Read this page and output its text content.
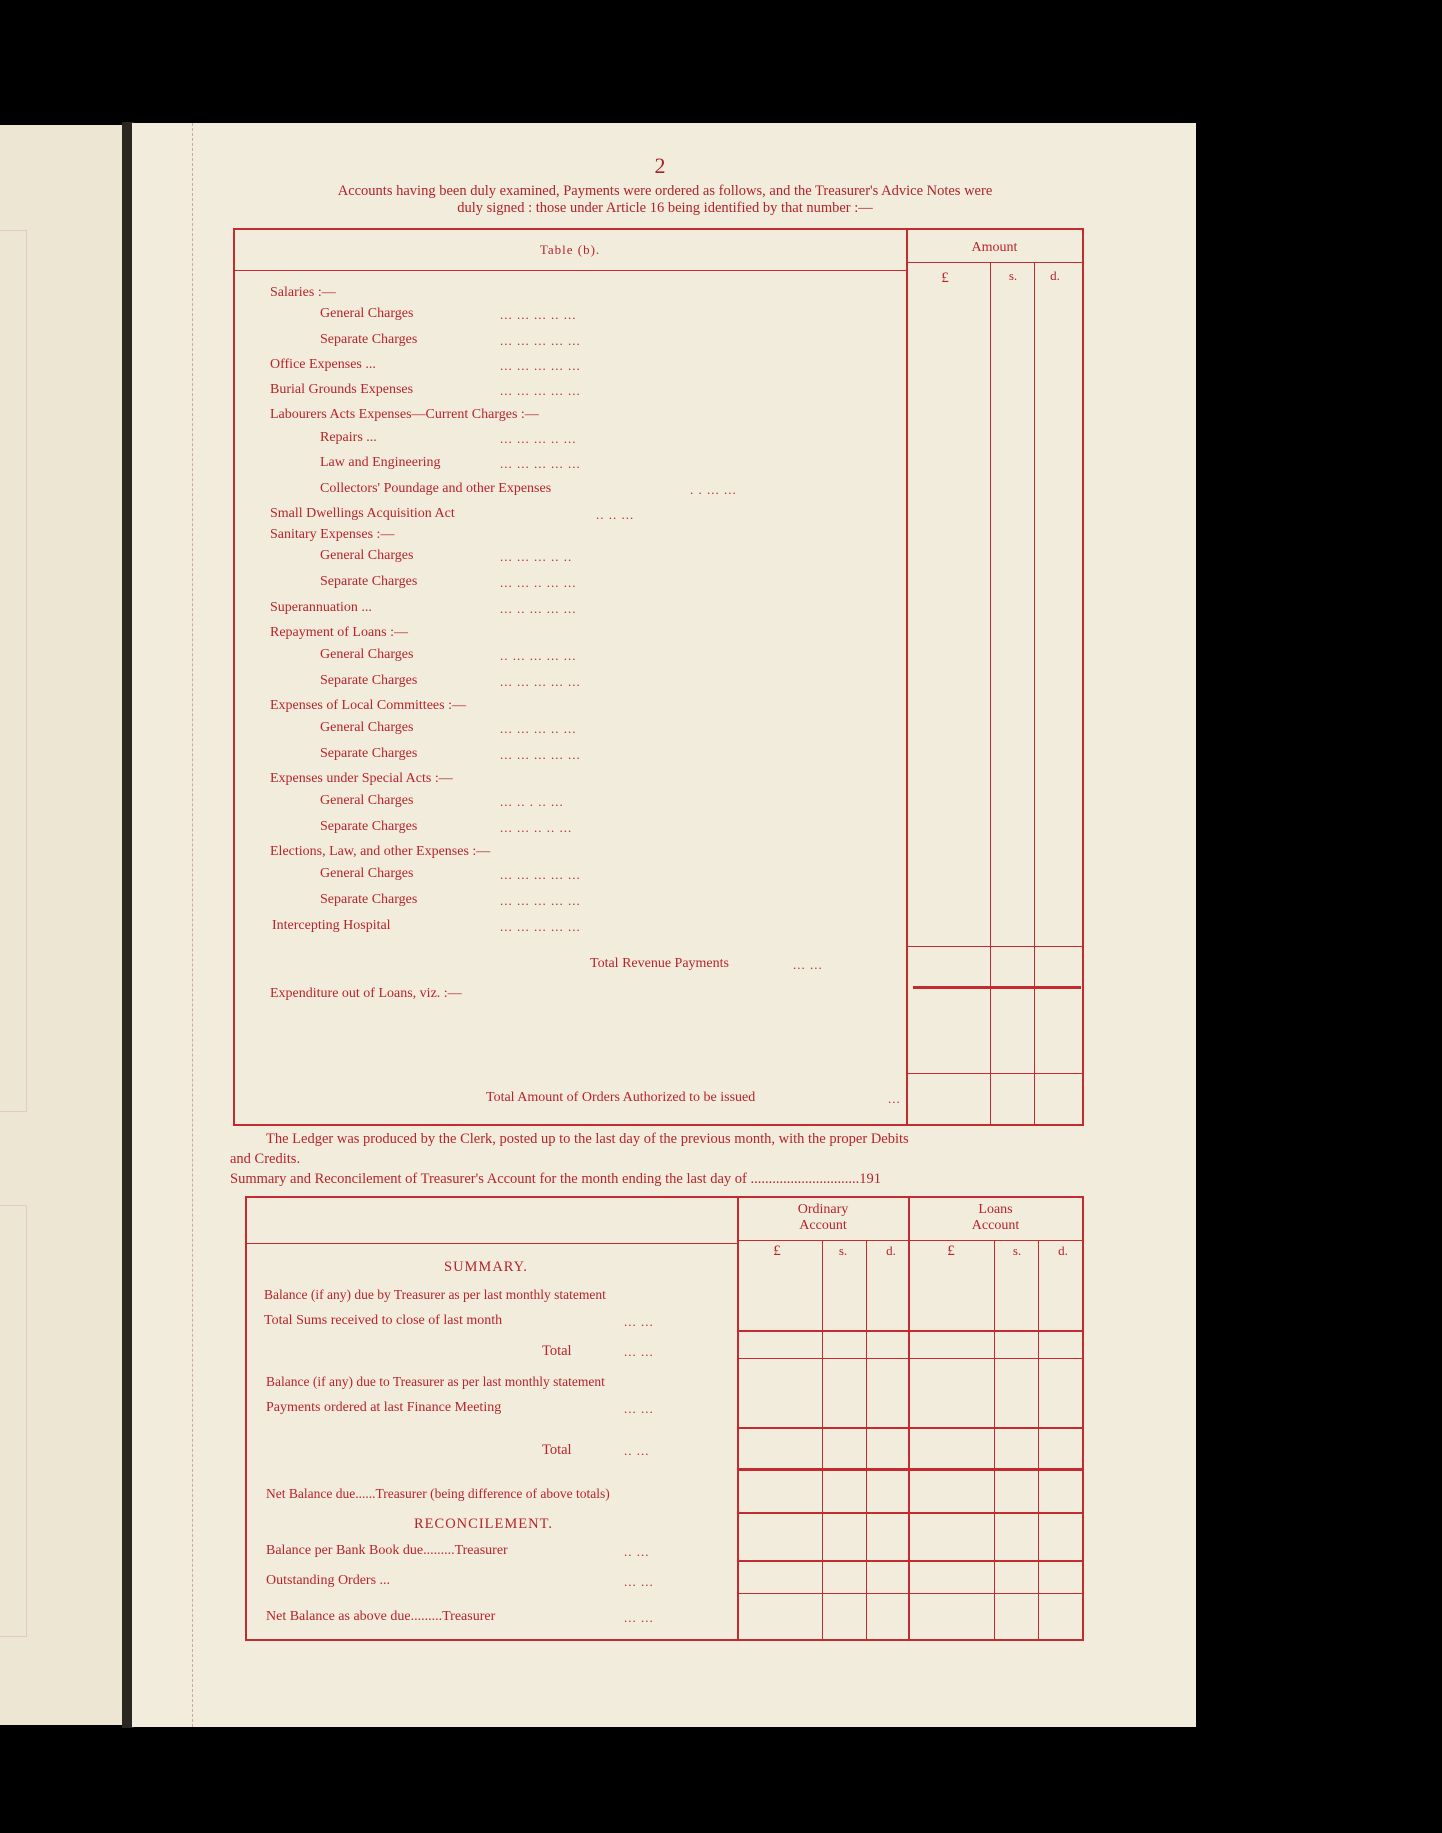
2
Accounts having been duly examined, Payments were ordered as follows, and the Treasurer's Advice Notes were
duly signed : those under Article 16 being identified by that number :—
Table (b).	Amount
£	s.	d.
Salaries :—
General Charges	... ... ... .. ...
Separate Charges	... ... ... ... ...
Office Expenses ...	... ... ... ... ...
Burial Grounds Expenses	... ... ... ... ...
Labourers Acts Expenses—Current Charges :—
Repairs ...	... ... ... .. ...
Law and Engineering	... ... ... ... ...
Collectors' Poundage and other Expenses	. . ... ...
Small Dwellings Acquisition Act	.. .. ...
Sanitary Expenses :—
General Charges	... ... ... .. ..
Separate Charges	... ... .. ... ...
Superannuation ...	... .. ... ... ...
Repayment of Loans :—
General Charges	.. ... ... ... ...
Separate Charges	... ... ... ... ...
Expenses of Local Committees :—
General Charges	... ... ... .. ...
Separate Charges	... ... ... ... ...
Expenses under Special Acts :—
General Charges	... .. . .. ...
Separate Charges	... ... .. .. ...
Elections, Law, and other Expenses :—
General Charges	... ... ... ... ...
Separate Charges	... ... ... ... ...
Intercepting Hospital	... ... ... ... ...
Total Revenue Payments	... ...
Expenditure out of Loans, viz. :—
Total Amount of Orders Authorized to be issued	...
The Ledger was produced by the Clerk, posted up to the last day of the previous month, with the proper Debits
and Credits.
Summary and Reconcilement of Treasurer's Account for the month ending the last day of ..............................191
Ordinary
Account
Loans
Account
£	s.	d.	£	s.	d.
SUMMARY.
Balance (if any) due by Treasurer as per last monthly statement
Total Sums received to close of last month	... ...
Total	... ...
Balance (if any) due to Treasurer as per last monthly statement
Payments ordered at last Finance Meeting	... ...
Total	.. ...
Net Balance due......Treasurer (being difference of above totals)
RECONCILEMENT.
Balance per Bank Book due.........Treasurer	.. ...
Outstanding Orders ...	... ...
Net Balance as above due.........Treasurer	... ...
